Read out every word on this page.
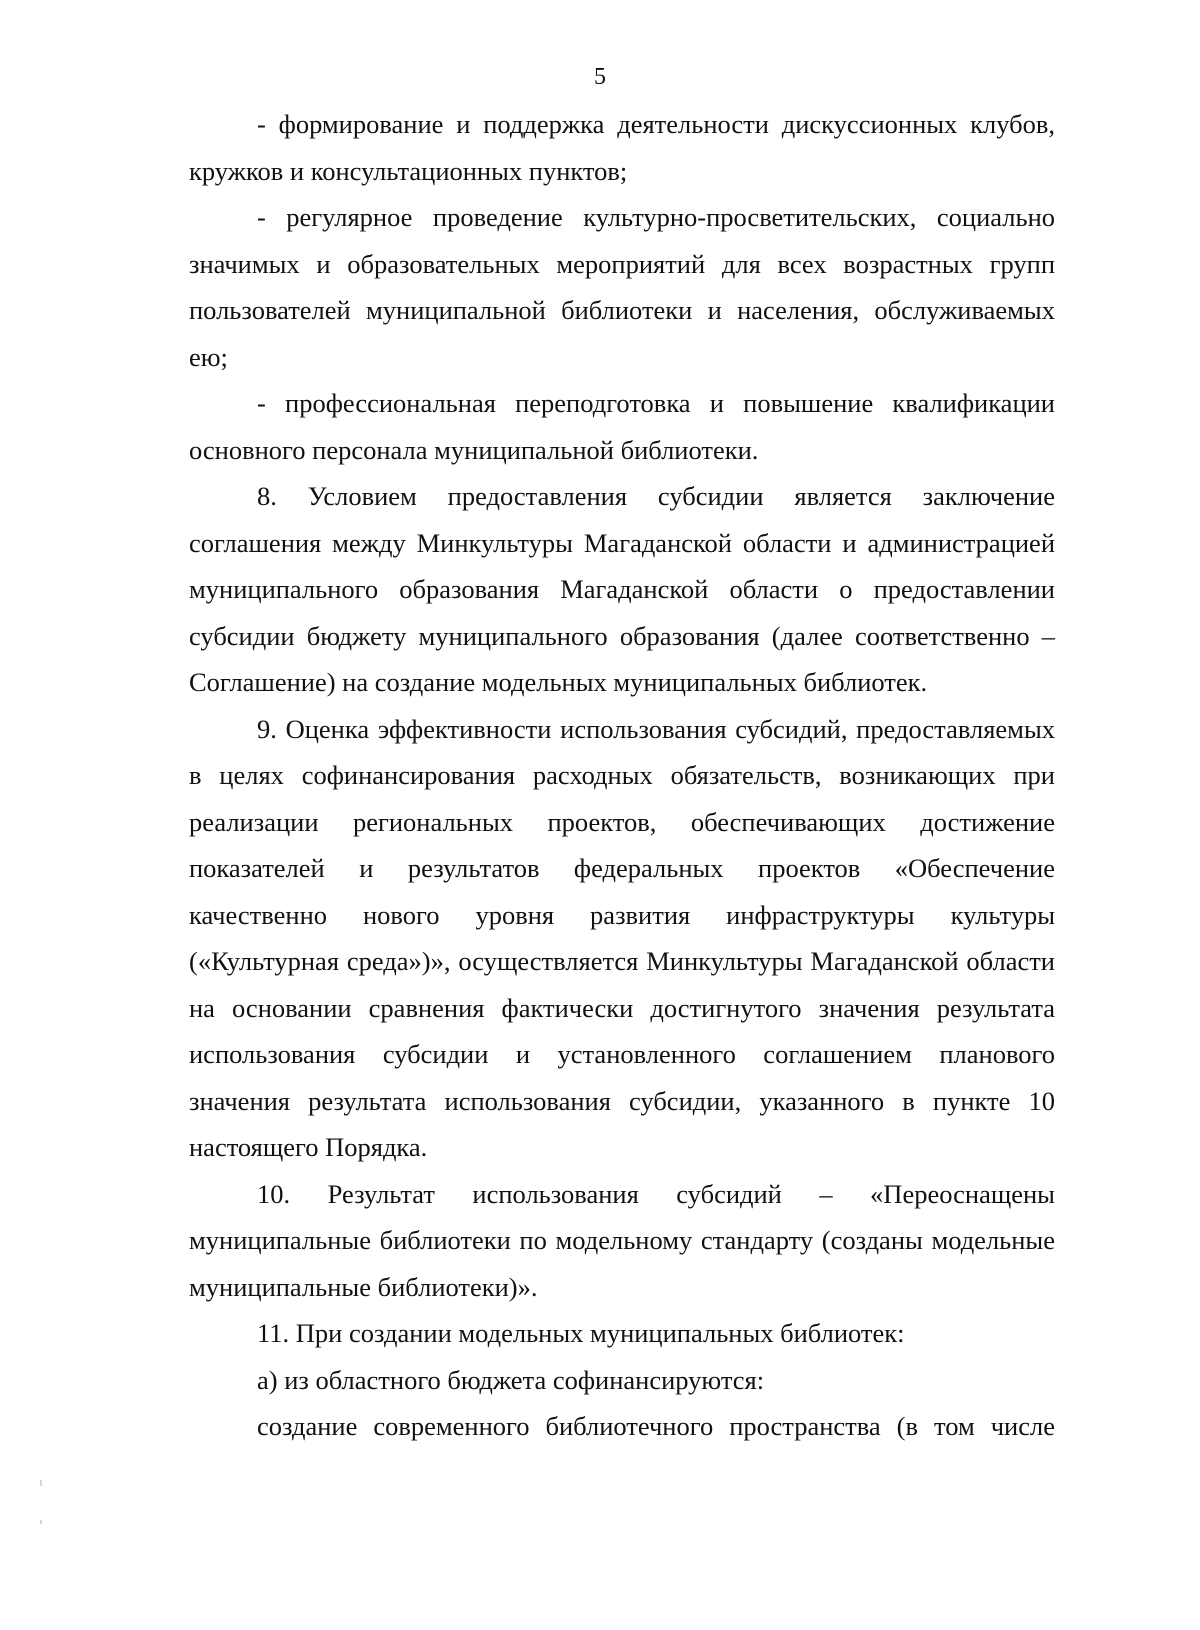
5

- формирование и поддержка деятельности дискуссионных клубов, кружков и консультационных пунктов;

- регулярное проведение культурно-просветительских, социально значимых и образовательных мероприятий для всех возрастных групп пользователей муниципальной библиотеки и населения, обслуживаемых ею;

- профессиональная переподготовка и повышение квалификации основного персонала муниципальной библиотеки.

8. Условием предоставления субсидии является заключение соглашения между Минкультуры Магаданской области и администрацией муниципального образования Магаданской области о предоставлении субсидии бюджету муниципального образования (далее соответственно – Соглашение) на создание модельных муниципальных библиотек.

9. Оценка эффективности использования субсидий, предоставляемых в целях софинансирования расходных обязательств, возникающих при реализации региональных проектов, обеспечивающих достижение показателей и результатов федеральных проектов «Обеспечение качественно нового уровня развития инфраструктуры культуры («Культурная среда»)», осуществляется Минкультуры Магаданской области на основании сравнения фактически достигнутого значения результата использования субсидии и установленного соглашением планового значения результата использования субсидии, указанного в пункте 10 настоящего Порядка.

10. Результат использования субсидий – «Переоснащены муниципальные библиотеки по модельному стандарту (созданы модельные муниципальные библиотеки)».

11. При создании модельных муниципальных библиотек:

а) из областного бюджета софинансируются:

создание современного библиотечного пространства (в том числе
